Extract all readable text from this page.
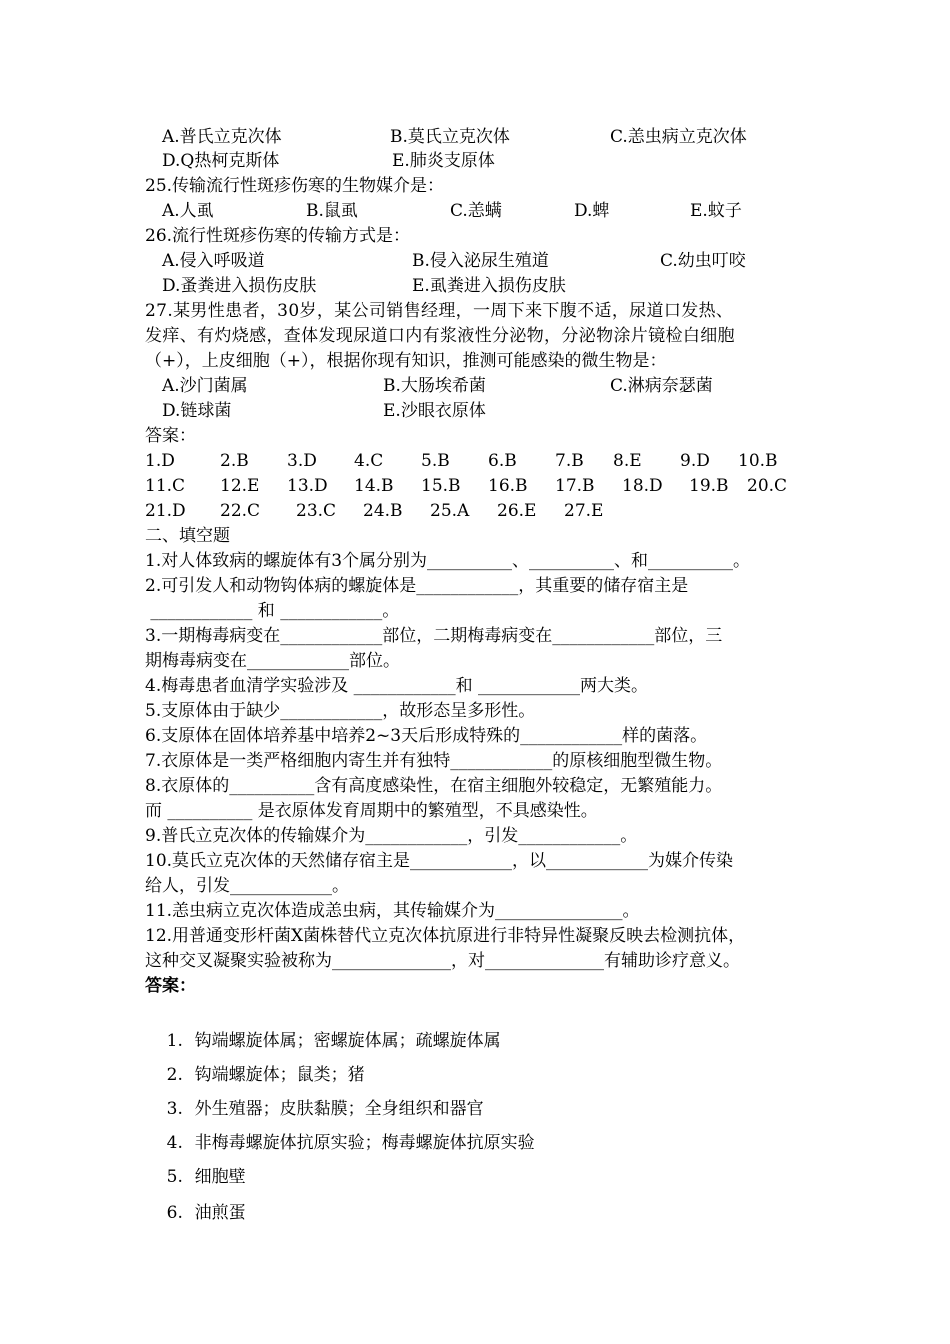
A.普氏立克次体	B.莫氏立克次体	C.恙虫病立克次体
D.Q热柯克斯体	E.肺炎支原体
25.传输流行性斑疹伤寒的生物媒介是：
A.人虱	B.鼠虱	C.恙螨	D.蜱	E.蚊子
26.流行性斑疹伤寒的传输方式是：
A.侵入呼吸道	B.侵入泌尿生殖道	C.幼虫叮咬
D.蚤粪进入损伤皮肤	E.虱粪进入损伤皮肤
27.某男性患者，30岁，某公司销售经理，一周下来下腹不适，尿道口发热、
发痒、有灼烧感，查体发现尿道口内有浆液性分泌物，分泌物涂片镜检白细胞
（+），上皮细胞（+），根据你现有知识，推测可能感染的微生物是：
A.沙门菌属	B.大肠埃希菌	C.淋病奈瑟菌
D.链球菌	E.沙眼衣原体
答案：
1.D	2.B 3.D 4.C 5.B 6.B 7.B 8.E 9.D 10.B
11.C 12.E 13.D 14.B 15.B 16.B 17.B 18.D 19.B 20.C
21.D 22.C 23.C 24.B 25.A 26.E 27.E
二、填空题
1.对人体致病的螺旋体有3个属分别为__________、__________、和__________。
2.可引发人和动物钩体病的螺旋体是____________，其重要的储存宿主是
____________ 和 ____________。
3.一期梅毒病变在____________部位，二期梅毒病变在____________部位，三
期梅毒病变在____________部位。
4.梅毒患者血清学实验涉及 ____________和 ____________两大类。
5.支原体由于缺少____________，故形态呈多形性。
6.支原体在固体培养基中培养2~3天后形成特殊的____________样的菌落。
7.衣原体是一类严格细胞内寄生并有独特____________的原核细胞型微生物。
8.衣原体的__________含有高度感染性，在宿主细胞外较稳定，无繁殖能力。
而 __________ 是衣原体发育周期中的繁殖型，不具感染性。
9.普氏立克次体的传输媒介为____________，引发____________。
10.莫氏立克次体的天然储存宿主是____________，以____________为媒介传染
给人，引发____________。
11.恙虫病立克次体造成恙虫病，其传输媒介为_______________。
12.用普通变形杆菌X菌株替代立克次体抗原进行非特异性凝聚反映去检测抗体，
这种交叉凝聚实验被称为______________，对______________有辅助诊疗意义。
答案：

1. 钩端螺旋体属；密螺旋体属；疏螺旋体属

2. 钩端螺旋体；鼠类；猪

3. 外生殖器；皮肤黏膜；全身组织和器官

4. 非梅毒螺旋体抗原实验；梅毒螺旋体抗原实验

5. 细胞壁

6. 油煎蛋
